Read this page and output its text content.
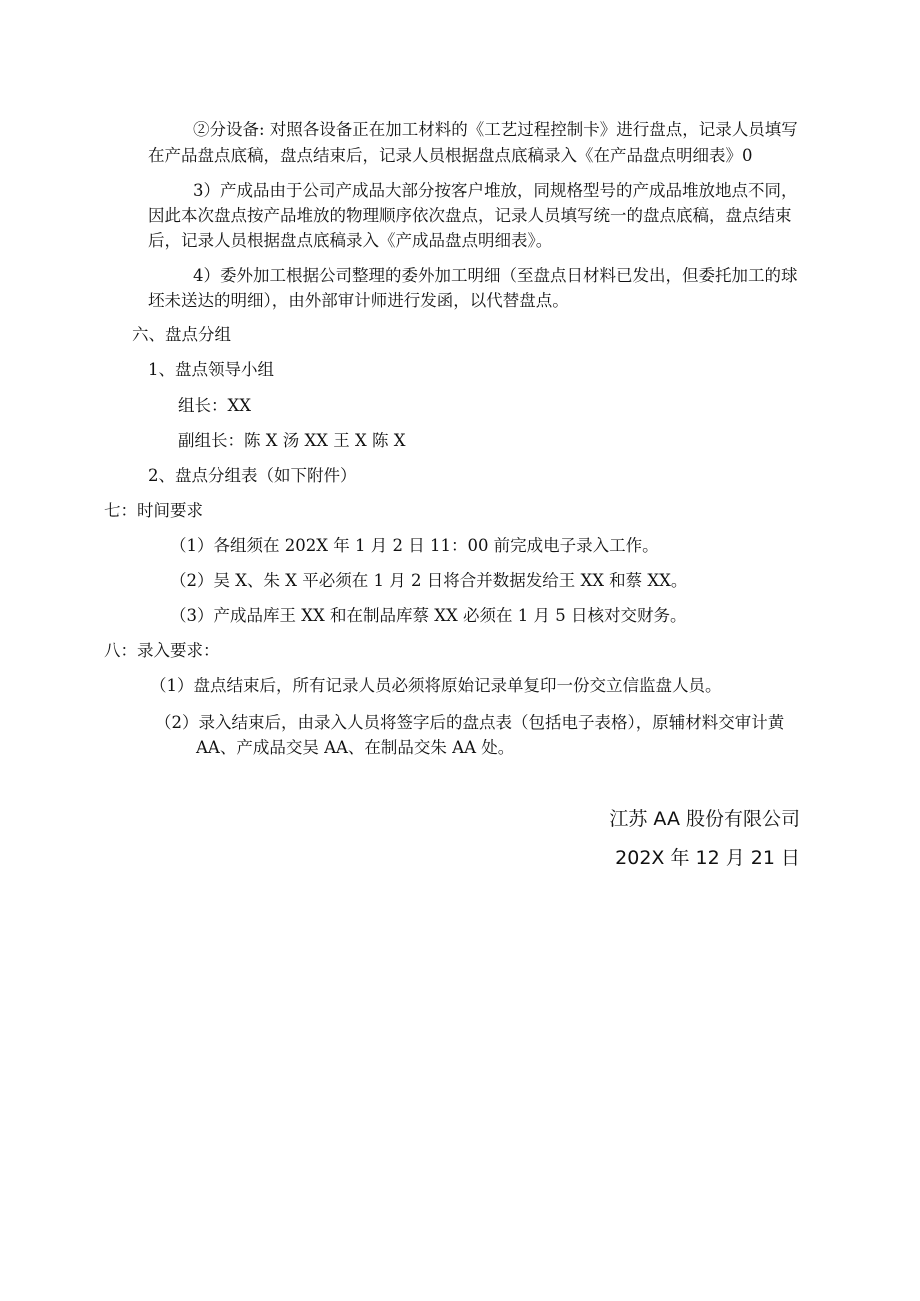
②分设备: 对照各设备正在加工材料的《工艺过程控制卡》进行盘点，记录人员填写
在产品盘点底稿，盘点结束后，记录人员根据盘点底稿录入《在产品盘点明细表》0
3）产成品由于公司产成品大部分按客户堆放，同规格型号的产成品堆放地点不同，
因此本次盘点按产品堆放的物理顺序依次盘点，记录人员填写统一的盘点底稿，盘点结束
后，记录人员根据盘点底稿录入《产成品盘点明细表》。
4）委外加工根据公司整理的委外加工明细（至盘点日材料已发出，但委托加工的球
坯未送达的明细），由外部审计师进行发函，以代替盘点。
六、盘点分组
1、盘点领导小组
组长：XX
副组长：陈 X 汤 XX 王 X 陈 X
2、盘点分组表（如下附件）
七：时间要求
（1）各组须在 202X 年 1 月 2 日 11：00 前完成电子录入工作。
（2）吴 X、朱 X 平必须在 1 月 2 日将合并数据发给王 XX 和蔡 XX。
（3）产成品库王 XX 和在制品库蔡 XX 必须在 1 月 5 日核对交财务。
八：录入要求：
（1）盘点结束后，所有记录人员必须将原始记录单复印一份交立信监盘人员。
（2）录入结束后，由录入人员将签字后的盘点表（包括电子表格），原辅材料交审计黄
AA、产成品交吴 AA、在制品交朱 AA 处。
江苏 AA 股份有限公司
202X 年 12 月 21 日
